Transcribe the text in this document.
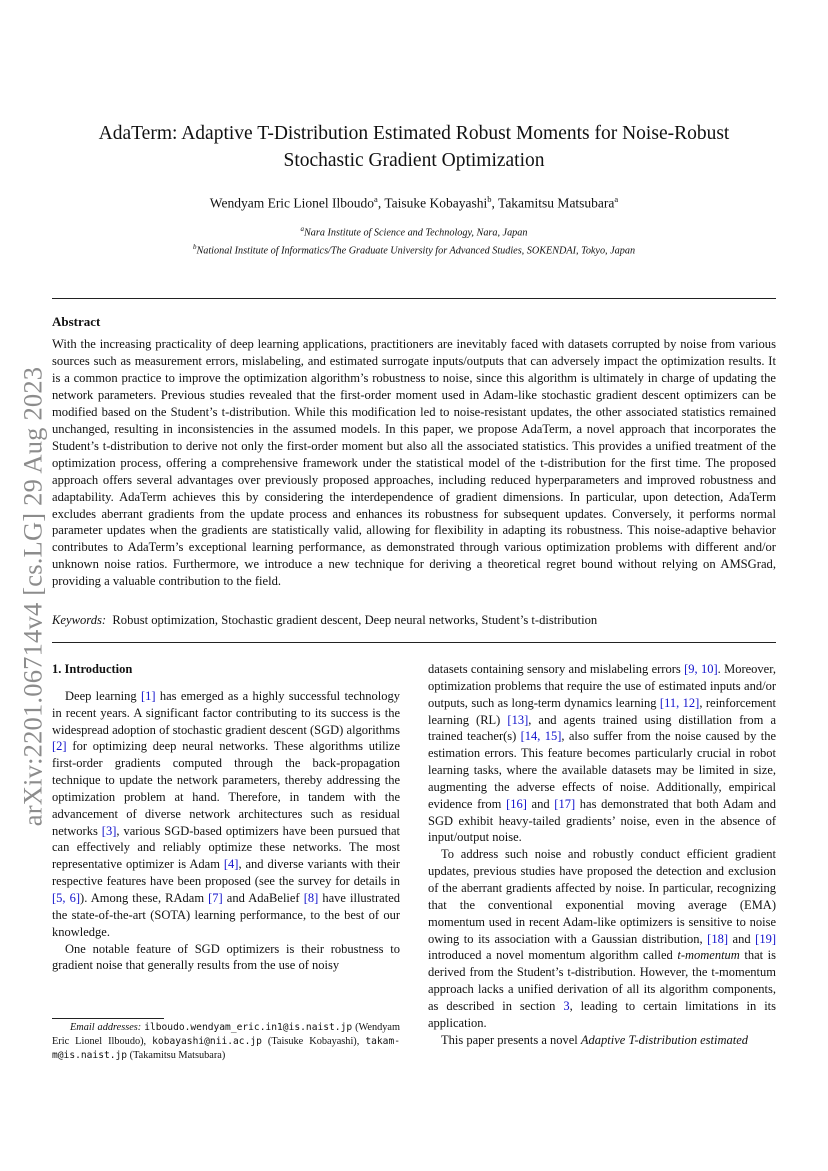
arXiv:2201.06714v4 [cs.LG] 29 Aug 2023
AdaTerm: Adaptive T-Distribution Estimated Robust Moments for Noise-Robust
Stochastic Gradient Optimization
Wendyam Eric Lionel Ilboudo$^a$, Taisuke Kobayashi$^b$, Takamitsu Matsubara$^a$
$^a$Nara Institute of Science and Technology, Nara, Japan
$^b$National Institute of Informatics/The Graduate University for Advanced Studies, SOKENDAI, Tokyo, Japan
Abstract

With the increasing practicality of deep learning applications, practitioners are inevitably faced with datasets corrupted by noise from various sources such as measurement errors, mislabeling, and estimated surrogate inputs/outputs that can adversely impact the optimization results. It is a common practice to improve the optimization algorithm’s robustness to noise, since this algorithm is ultimately in charge of updating the network parameters. Previous studies revealed that the first-order moment used in Adam-like stochastic gradient descent optimizers can be modified based on the Student’s t-distribution. While this modification led to noise-resistant updates, the other associated statistics remained unchanged, resulting in inconsistencies in the assumed models. In this paper, we propose AdaTerm, a novel approach that incorporates the Student’s t-distribution to derive not only the first-order moment but also all the associated statistics. This provides a unified treatment of the optimization process, offering a comprehensive framework under the statistical model of the t-distribution for the first time. The proposed approach offers several advantages over previously proposed approaches, including reduced hyperparameters and improved robustness and adaptability. AdaTerm achieves this by considering the interdependence of gradient dimensions. In particular, upon detection, AdaTerm excludes aberrant gradients from the update process and enhances its robustness for subsequent updates. Conversely, it performs normal parameter updates when the gradients are statistically valid, allowing for flexibility in adapting its robustness. This noise-adaptive behavior contributes to AdaTerm’s exceptional learning performance, as demonstrated through various optimization problems with different and/or unknown noise ratios. Furthermore, we introduce a new technique for deriving a theoretical regret bound without relying on AMSGrad, providing a valuable contribution to the field.

Keywords: Robust optimization, Stochastic gradient descent, Deep neural networks, Student’s t-distribution

1. Introduction

Deep learning [1] has emerged as a highly successful technology in recent years. A significant factor contributing to its success is the widespread adoption of stochastic gradient descent (SGD) algorithms [2] for optimizing deep neural networks. These algorithms utilize first-order gradients computed through the back-propagation technique to update the network parameters, thereby addressing the optimization problem at hand. Therefore, in tandem with the advancement of diverse network architectures such as residual networks [3], various SGD-based optimizers have been pursued that can effectively and reliably optimize these networks. The most representative optimizer is Adam [4], and diverse variants with their respective features have been proposed (see the survey for details in [5, 6]). Among these, RAdam [7] and AdaBelief [8] have illustrated the state-of-the-art (SOTA) learning performance, to the best of our knowledge.

One notable feature of SGD optimizers is their robustness to gradient noise that generally results from the use of noisy

datasets containing sensory and mislabeling errors [9, 10]. Moreover, optimization problems that require the use of estimated inputs and/or outputs, such as long-term dynamics learning [11, 12], reinforcement learning (RL) [13], and agents trained using distillation from a trained teacher(s) [14, 15], also suffer from the noise caused by the estimation errors. This feature becomes particularly crucial in robot learning tasks, where the available datasets may be limited in size, augmenting the adverse effects of noise. Additionally, empirical evidence from [16] and [17] has demonstrated that both Adam and SGD exhibit heavy-tailed gradients’ noise, even in the absence of input/output noise.

To address such noise and robustly conduct efficient gradient updates, previous studies have proposed the detection and exclusion of the aberrant gradients affected by noise. In particular, recognizing that the conventional exponential moving average (EMA) momentum used in recent Adam-like optimizers is sensitive to noise owing to its association with a Gaussian distribution, [18] and [19] introduced a novel momentum algorithm called t-momentum that is derived from the Student’s t-distribution. However, the t-momentum approach lacks a unified derivation of all its algorithm components, as described in section 3, leading to certain limitations in its application.

This paper presents a novel Adaptive T-distribution estimated

Email addresses: ilboudo.wendyam_eric.in1@is.naist.jp (Wendyam Eric Lionel Ilboudo), kobayashi@nii.ac.jp (Taisuke Kobayashi), takam-m@is.naist.jp (Takamitsu Matsubara)
